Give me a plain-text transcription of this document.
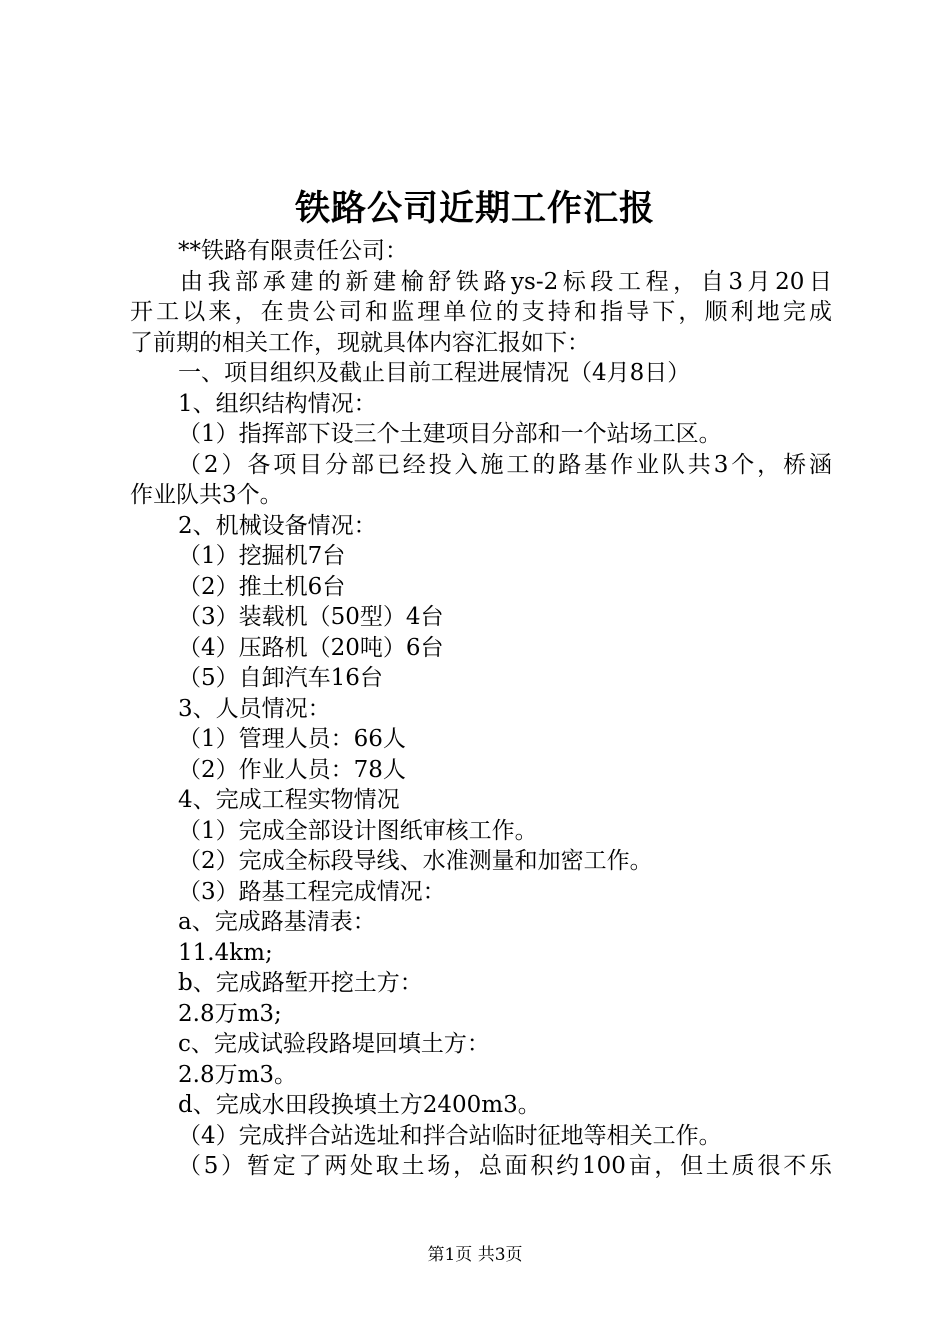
铁路公司近期工作汇报
**铁路有限责任公司：
由我部承建的新建榆舒铁路ys-2标段工程，自3月20日
开工以来，在贵公司和监理单位的支持和指导下，顺利地完成
了前期的相关工作，现就具体内容汇报如下：
一、项目组织及截止目前工程进展情况（4月8日）
1、组织结构情况：
（1）指挥部下设三个土建项目分部和一个站场工区。
（2）各项目分部已经投入施工的路基作业队共3个，桥涵
作业队共3个。
2、机械设备情况：
（1）挖掘机7台
（2）推土机6台
（3）装载机（50型）4台
（4）压路机（20吨）6台
（5）自卸汽车16台
3、人员情况：
（1）管理人员：66人
（2）作业人员：78人
4、完成工程实物情况
（1）完成全部设计图纸审核工作。
（2）完成全标段导线、水准测量和加密工作。
（3）路基工程完成情况：
a、完成路基清表：
11.4km;
b、完成路堑开挖土方：
2.8万m3;
c、完成试验段路堤回填土方：
2.8万m3。
d、完成水田段换填土方2400m3。
（4）完成拌合站选址和拌合站临时征地等相关工作。
（5）暂定了两处取土场，总面积约100亩，但土质很不乐
第1页 共3页
